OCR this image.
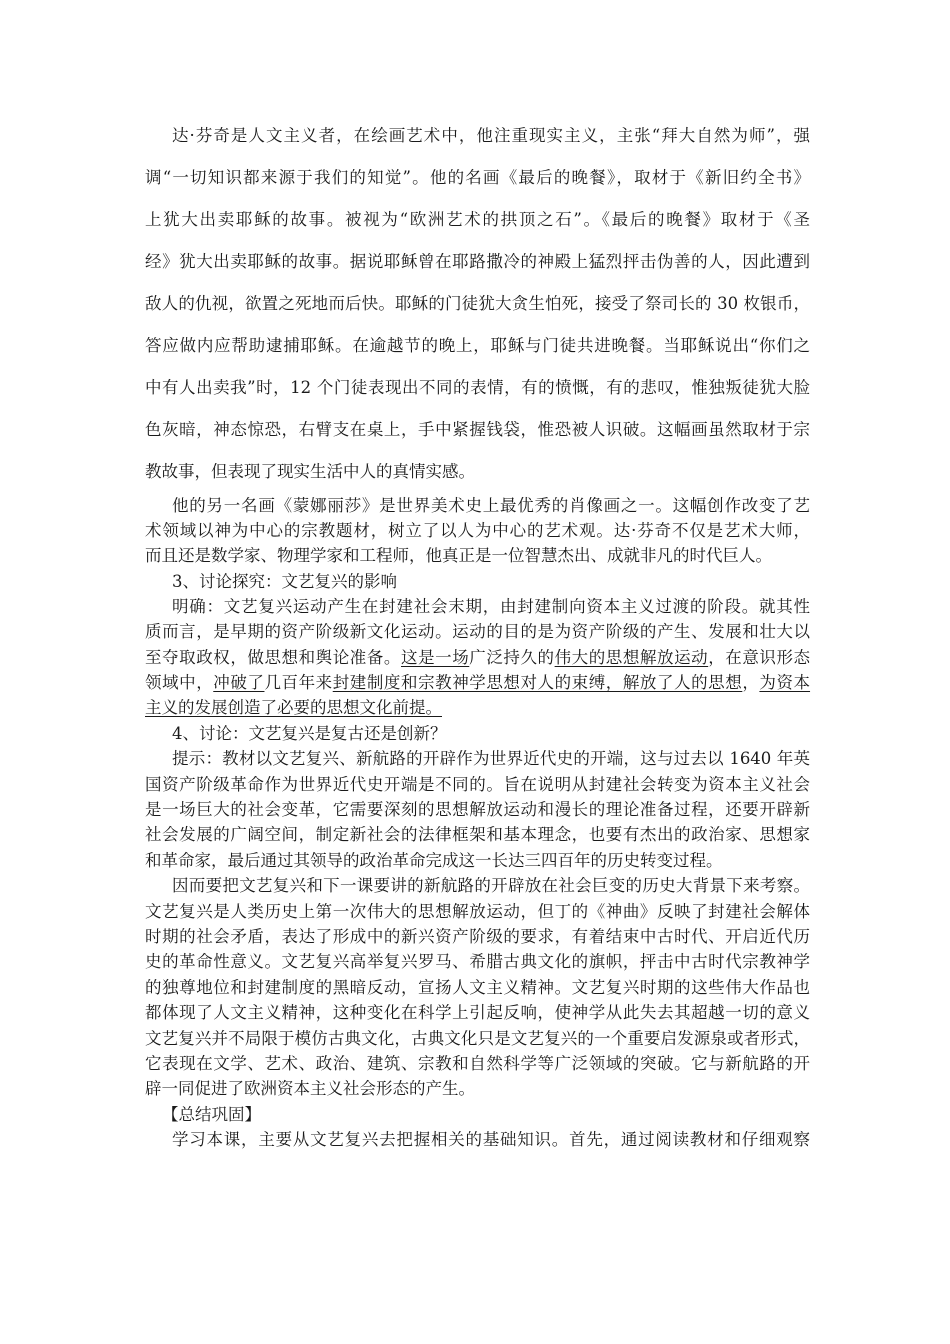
达·芬奇是人文主义者，在绘画艺术中，他注重现实主义，主张“拜大自然为师”，强
调“一切知识都来源于我们的知觉”。他的名画《最后的晚餐》，取材于《新旧约全书》
上犹大出卖耶稣的故事。被视为“欧洲艺术的拱顶之石”。《最后的晚餐》取材于《圣
经》犹大出卖耶稣的故事。据说耶稣曾在耶路撒冷的神殿上猛烈抨击伪善的人，因此遭到
敌人的仇视，欲置之死地而后快。耶稣的门徒犹大贪生怕死，接受了祭司长的 30 枚银币，
答应做内应帮助逮捕耶稣。在逾越节的晚上，耶稣与门徒共进晚餐。当耶稣说出“你们之
中有人出卖我”时，12 个门徒表现出不同的表情，有的愤慨，有的悲叹，惟独叛徒犹大脸
色灰暗，神态惊恐，右臂支在桌上，手中紧握钱袋，惟恐被人识破。这幅画虽然取材于宗
教故事，但表现了现实生活中人的真情实感。
他的另一名画《蒙娜丽莎》是世界美术史上最优秀的肖像画之一。这幅创作改变了艺
术领域以神为中心的宗教题材，树立了以人为中心的艺术观。达·芬奇不仅是艺术大师，
而且还是数学家、物理学家和工程师，他真正是一位智慧杰出、成就非凡的时代巨人。
3、讨论探究：文艺复兴的影响
明确：文艺复兴运动产生在封建社会末期，由封建制向资本主义过渡的阶段。就其性
质而言，是早期的资产阶级新文化运动。运动的目的是为资产阶级的产生、发展和壮大以
至夺取政权，做思想和舆论准备。这是一场广泛持久的伟大的思想解放运动，在意识形态
领域中，冲破了几百年来封建制度和宗教神学思想对人的束缚，解放了人的思想，为资本
主义的发展创造了必要的思想文化前提。
4、讨论：文艺复兴是复古还是创新？
提示：教材以文艺复兴、新航路的开辟作为世界近代史的开端，这与过去以 1640 年英
国资产阶级革命作为世界近代史开端是不同的。旨在说明从封建社会转变为资本主义社会
是一场巨大的社会变革，它需要深刻的思想解放运动和漫长的理论准备过程，还要开辟新
社会发展的广阔空间，制定新社会的法律框架和基本理念，也要有杰出的政治家、思想家
和革命家，最后通过其领导的政治革命完成这一长达三四百年的历史转变过程。
因而要把文艺复兴和下一课要讲的新航路的开辟放在社会巨变的历史大背景下来考察。
文艺复兴是人类历史上第一次伟大的思想解放运动，但丁的《神曲》反映了封建社会解体
时期的社会矛盾，表达了形成中的新兴资产阶级的要求，有着结束中古时代、开启近代历
史的革命性意义。文艺复兴高举复兴罗马、希腊古典文化的旗帜，抨击中古时代宗教神学
的独尊地位和封建制度的黑暗反动，宣扬人文主义精神。文艺复兴时期的这些伟大作品也
都体现了人文主义精神，这种变化在科学上引起反响，使神学从此失去其超越一切的意义
文艺复兴并不局限于模仿古典文化，古典文化只是文艺复兴的一个重要启发源泉或者形式，
它表现在文学、艺术、政治、建筑、宗教和自然科学等广泛领域的突破。它与新航路的开
辟一同促进了欧洲资本主义社会形态的产生。
【总结巩固】
学习本课，主要从文艺复兴去把握相关的基础知识。首先，通过阅读教材和仔细观察
